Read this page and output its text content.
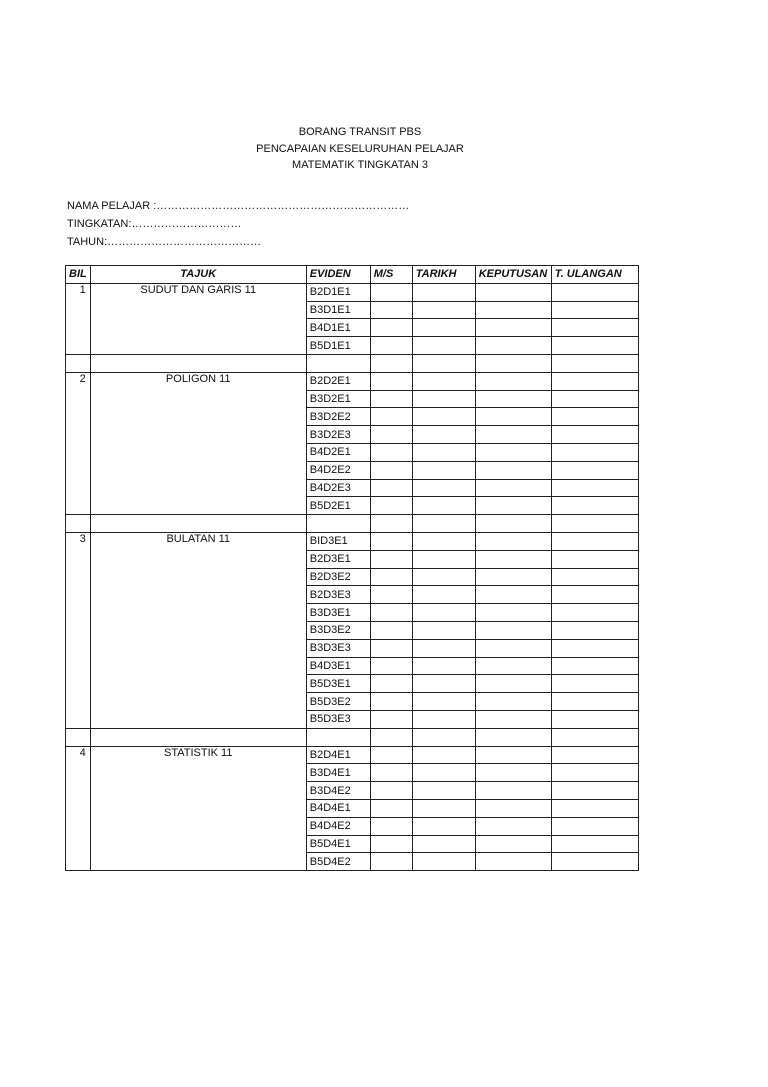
BORANG TRANSIT PBS
PENCAPAIAN KESELURUHAN PELAJAR
MATEMATIK TINGKATAN 3
NAMA PELAJAR :……………………………………………………………
TINGKATAN:…………………………
TAHUN:……………………………………
BIL	TAJUK	EVIDEN	M/S	TARIKH	KEPUTUSAN	T. ULANGAN
1	SUDUT DAN GARIS 11	B2D1E1				
		B3D1E1				
		B4D1E1				
		B5D1E1				

2	POLIGON 11	B2D2E1				
		B3D2E1				
		B3D2E2				
		B3D2E3				
		B4D2E1				
		B4D2E2				
		B4D2E3				
		B5D2E1				

3	BULATAN 11	BID3E1				
		B2D3E1				
		B2D3E2				
		B2D3E3				
		B3D3E1				
		B3D3E2				
		B3D3E3				
		B4D3E1				
		B5D3E1				
		B5D3E2				
		B5D3E3				

4	STATISTIK 11	B2D4E1				
		B3D4E1				
		B3D4E2				
		B4D4E1				
		B4D4E2				
		B5D4E1				
		B5D4E2				
